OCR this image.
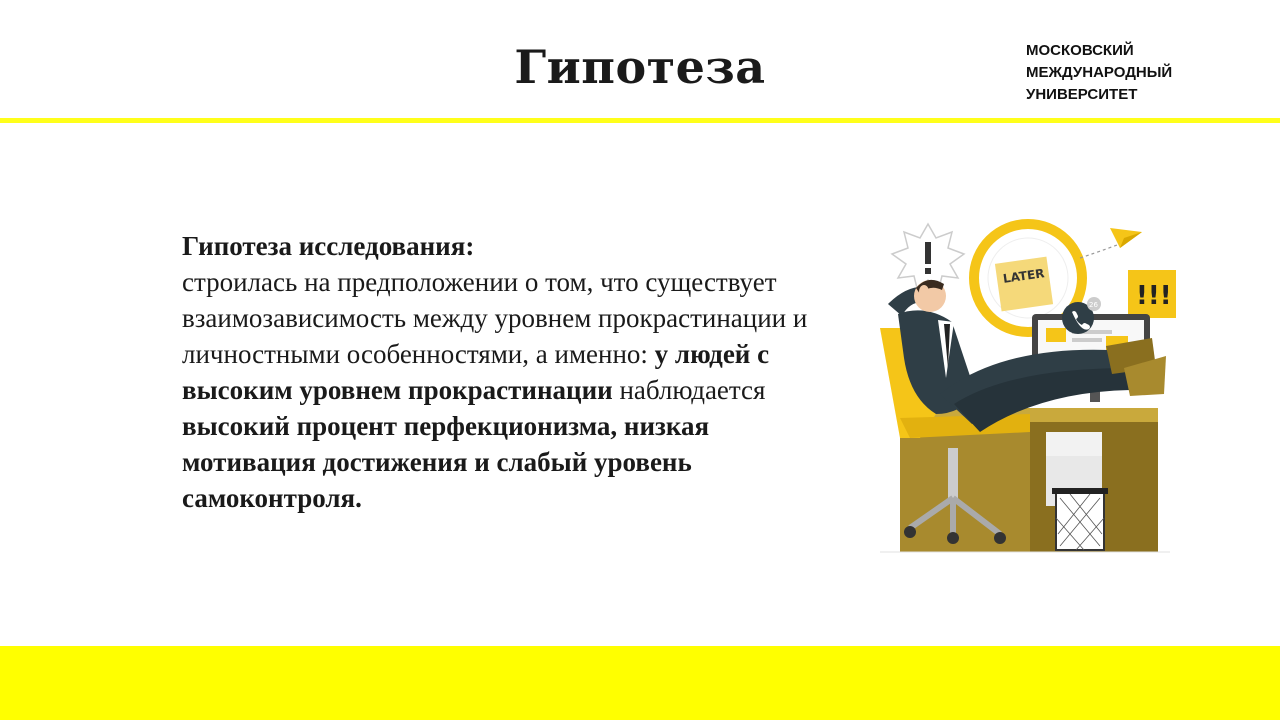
Гипотеза	МОСКОВСКИЙ
МЕЖДУНАРОДНЫЙ
УНИВЕРСИТЕТ

Гипотеза исследования:

строилась на предположении о том, что существует взаимозависимость между уровнем прокрастинации и личностными особенностями, а именно: у людей с высоким уровнем прокрастинации наблюдается высокий процент перфекционизма, низкая мотивация достижения и слабый уровень самоконтроля.

LATER
!!!
26
